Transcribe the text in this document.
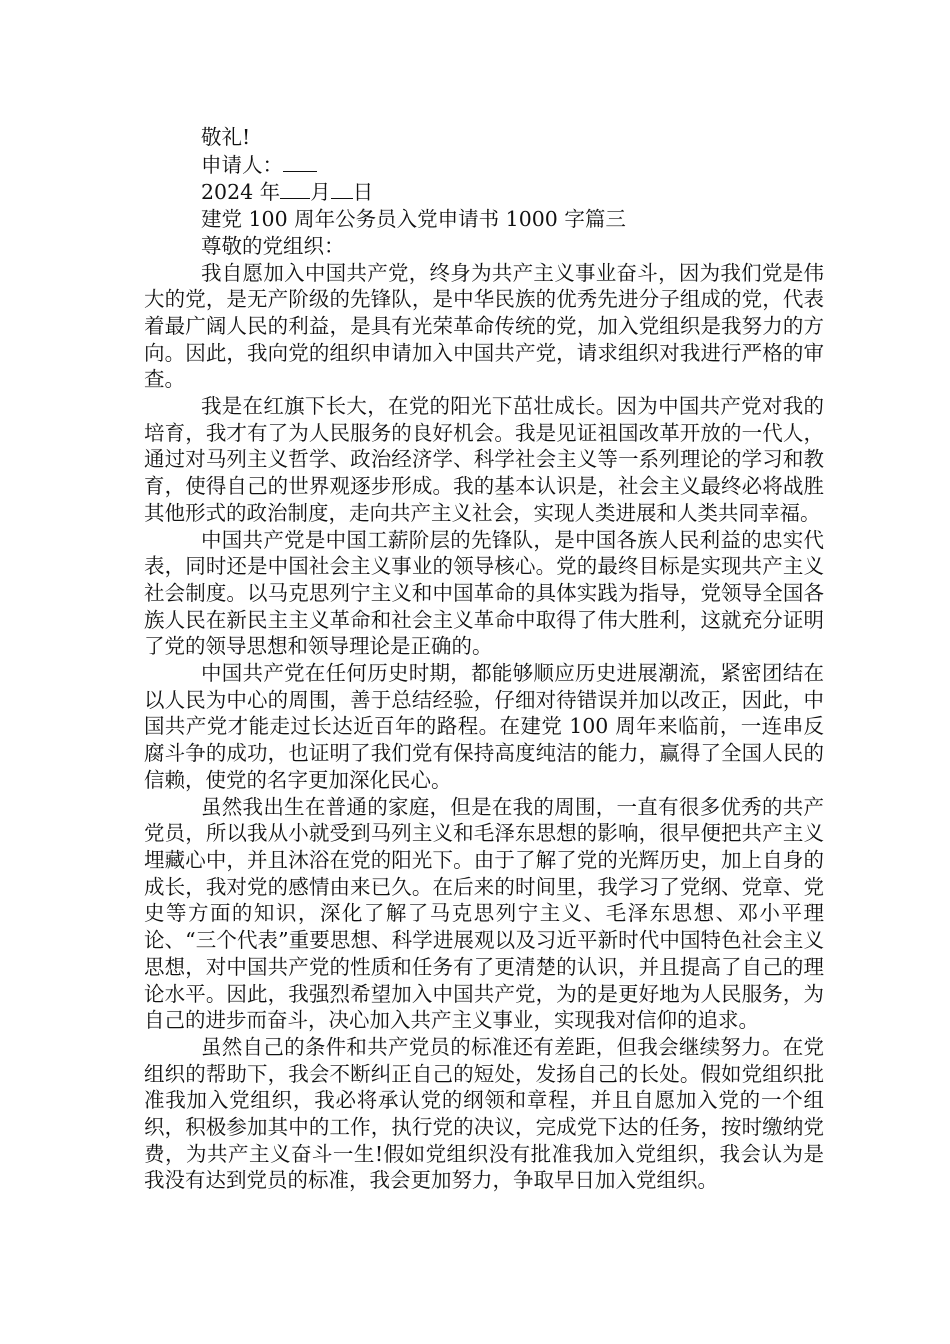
敬礼!
申请人：
2024 年 月 日
建党 100 周年公务员入党申请书 1000 字篇三
尊敬的党组织：

我自愿加入中国共产党，终身为共产主义事业奋斗，因为我们党是伟大的党，是无产阶级的先锋队，是中华民族的优秀先进分子组成的党，代表着最广阔人民的利益，是具有光荣革命传统的党，加入党组织是我努力的方向。因此，我向党的组织申请加入中国共产党，请求组织对我进行严格的审查。

我是在红旗下长大，在党的阳光下茁壮成长。因为中国共产党对我的培育，我才有了为人民服务的良好机会。我是见证祖国改革开放的一代人，通过对马列主义哲学、政治经济学、科学社会主义等一系列理论的学习和教育，使得自己的世界观逐步形成。我的基本认识是，社会主义最终必将战胜其他形式的政治制度，走向共产主义社会，实现人类进展和人类共同幸福。

中国共产党是中国工薪阶层的先锋队，是中国各族人民利益的忠实代表，同时还是中国社会主义事业的领导核心。党的最终目标是实现共产主义社会制度。以马克思列宁主义和中国革命的具体实践为指导，党领导全国各族人民在新民主主义革命和社会主义革命中取得了伟大胜利，这就充分证明了党的领导思想和领导理论是正确的。

中国共产党在任何历史时期，都能够顺应历史进展潮流，紧密团结在以人民为中心的周围，善于总结经验，仔细对待错误并加以改正，因此，中国共产党才能走过长达近百年的路程。在建党 100 周年来临前，一连串反腐斗争的成功，也证明了我们党有保持高度纯洁的能力，赢得了全国人民的信赖，使党的名字更加深化民心。

虽然我出生在普通的家庭，但是在我的周围，一直有很多优秀的共产党员，所以我从小就受到马列主义和毛泽东思想的影响，很早便把共产主义埋藏心中，并且沐浴在党的阳光下。由于了解了党的光辉历史，加上自身的成长，我对党的感情由来已久。在后来的时间里，我学习了党纲、党章、党史等方面的知识，深化了解了马克思列宁主义、毛泽东思想、邓小平理论、“三个代表”重要思想、科学进展观以及习近平新时代中国特色社会主义思想，对中国共产党的性质和任务有了更清楚的认识，并且提高了自己的理论水平。因此，我强烈希望加入中国共产党，为的是更好地为人民服务，为自己的进步而奋斗，决心加入共产主义事业，实现我对信仰的追求。

虽然自己的条件和共产党员的标准还有差距，但我会继续努力。在党组织的帮助下，我会不断纠正自己的短处，发扬自己的长处。假如党组织批准我加入党组织，我必将承认党的纲领和章程，并且自愿加入党的一个组织，积极参加其中的工作，执行党的决议，完成党下达的任务，按时缴纳党费，为共产主义奋斗一生!假如党组织没有批准我加入党组织，我会认为是我没有达到党员的标准，我会更加努力，争取早日加入党组织。
